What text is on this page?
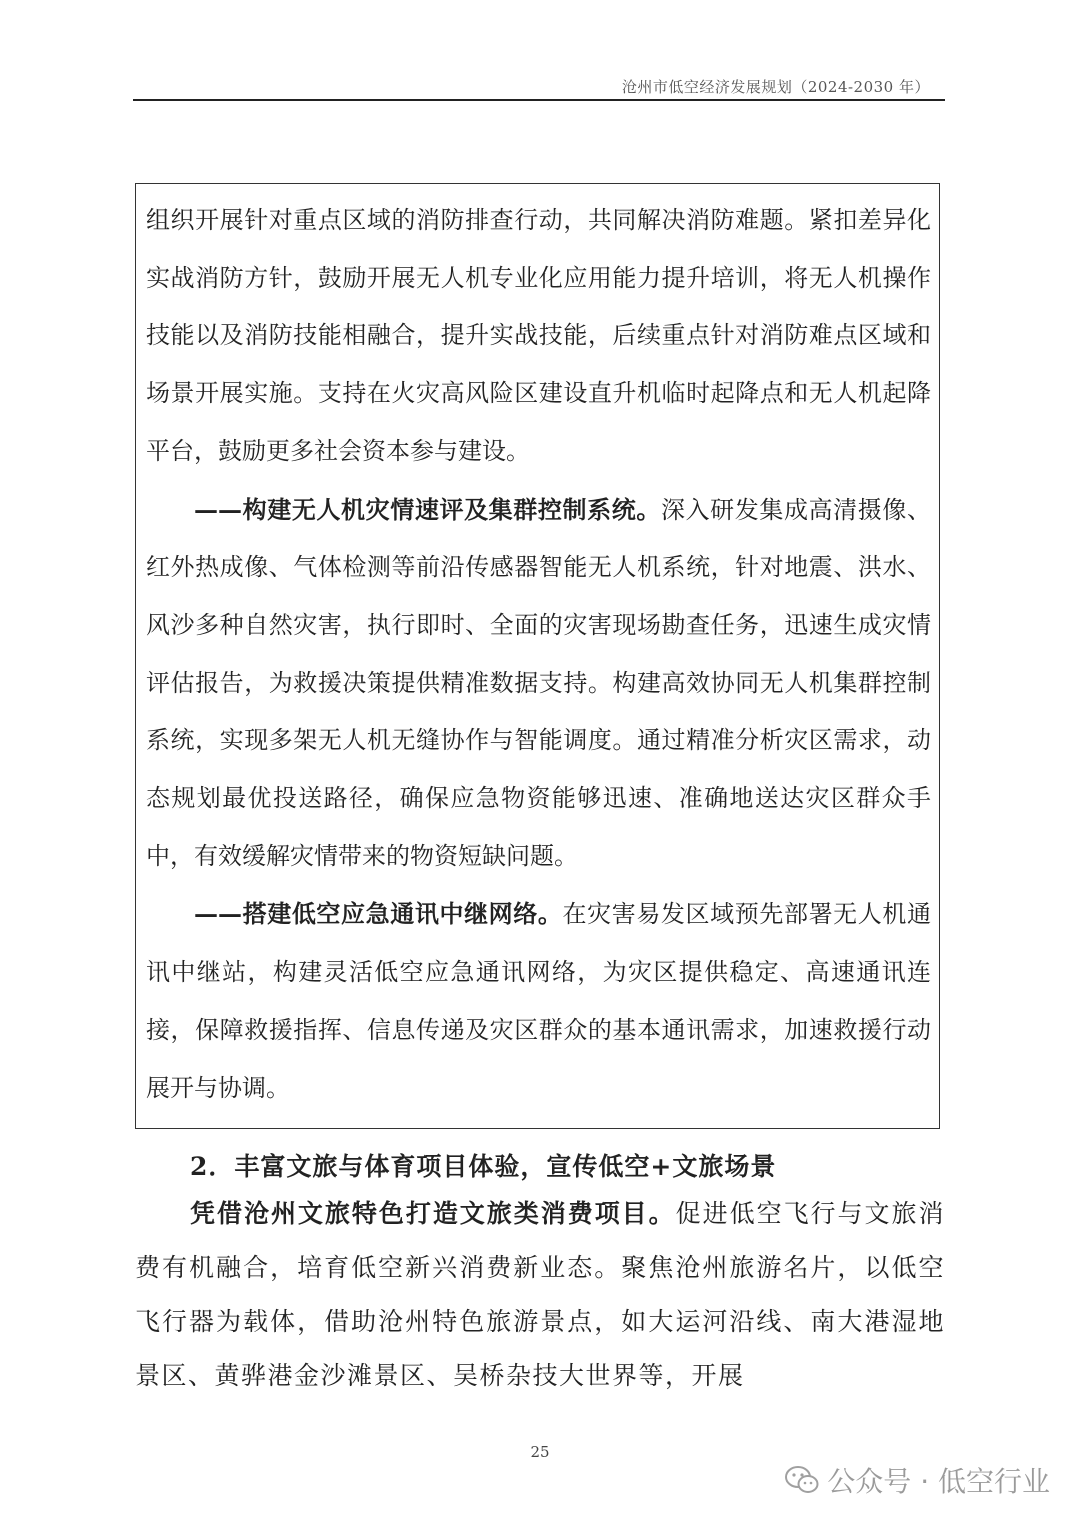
沧州市低空经济发展规划（2024-2030 年）

组织开展针对重点区域的消防排查行动，共同解决消防难题。紧扣差异化实战消防方针，鼓励开展无人机专业化应用能力提升培训，将无人机操作技能以及消防技能相融合，提升实战技能，后续重点针对消防难点区域和场景开展实施。支持在火灾高风险区建设直升机临时起降点和无人机起降平台，鼓励更多社会资本参与建设。

——构建无人机灾情速评及集群控制系统。深入研发集成高清摄像、红外热成像、气体检测等前沿传感器智能无人机系统，针对地震、洪水、风沙多种自然灾害，执行即时、全面的灾害现场勘查任务，迅速生成灾情评估报告，为救援决策提供精准数据支持。构建高效协同无人机集群控制系统，实现多架无人机无缝协作与智能调度。通过精准分析灾区需求，动态规划最优投送路径，确保应急物资能够迅速、准确地送达灾区群众手中，有效缓解灾情带来的物资短缺问题。

——搭建低空应急通讯中继网络。在灾害易发区域预先部署无人机通讯中继站，构建灵活低空应急通讯网络，为灾区提供稳定、高速通讯连接，保障救援指挥、信息传递及灾区群众的基本通讯需求，加速救援行动展开与协调。

2．丰富文旅与体育项目体验，宣传低空+文旅场景

凭借沧州文旅特色打造文旅类消费项目。促进低空飞行与文旅消费有机融合，培育低空新兴消费新业态。聚焦沧州旅游名片，以低空飞行器为载体，借助沧州特色旅游景点，如大运河沿线、南大港湿地景区、黄骅港金沙滩景区、吴桥杂技大世界等，开展

25
公众号 · 低空行业
